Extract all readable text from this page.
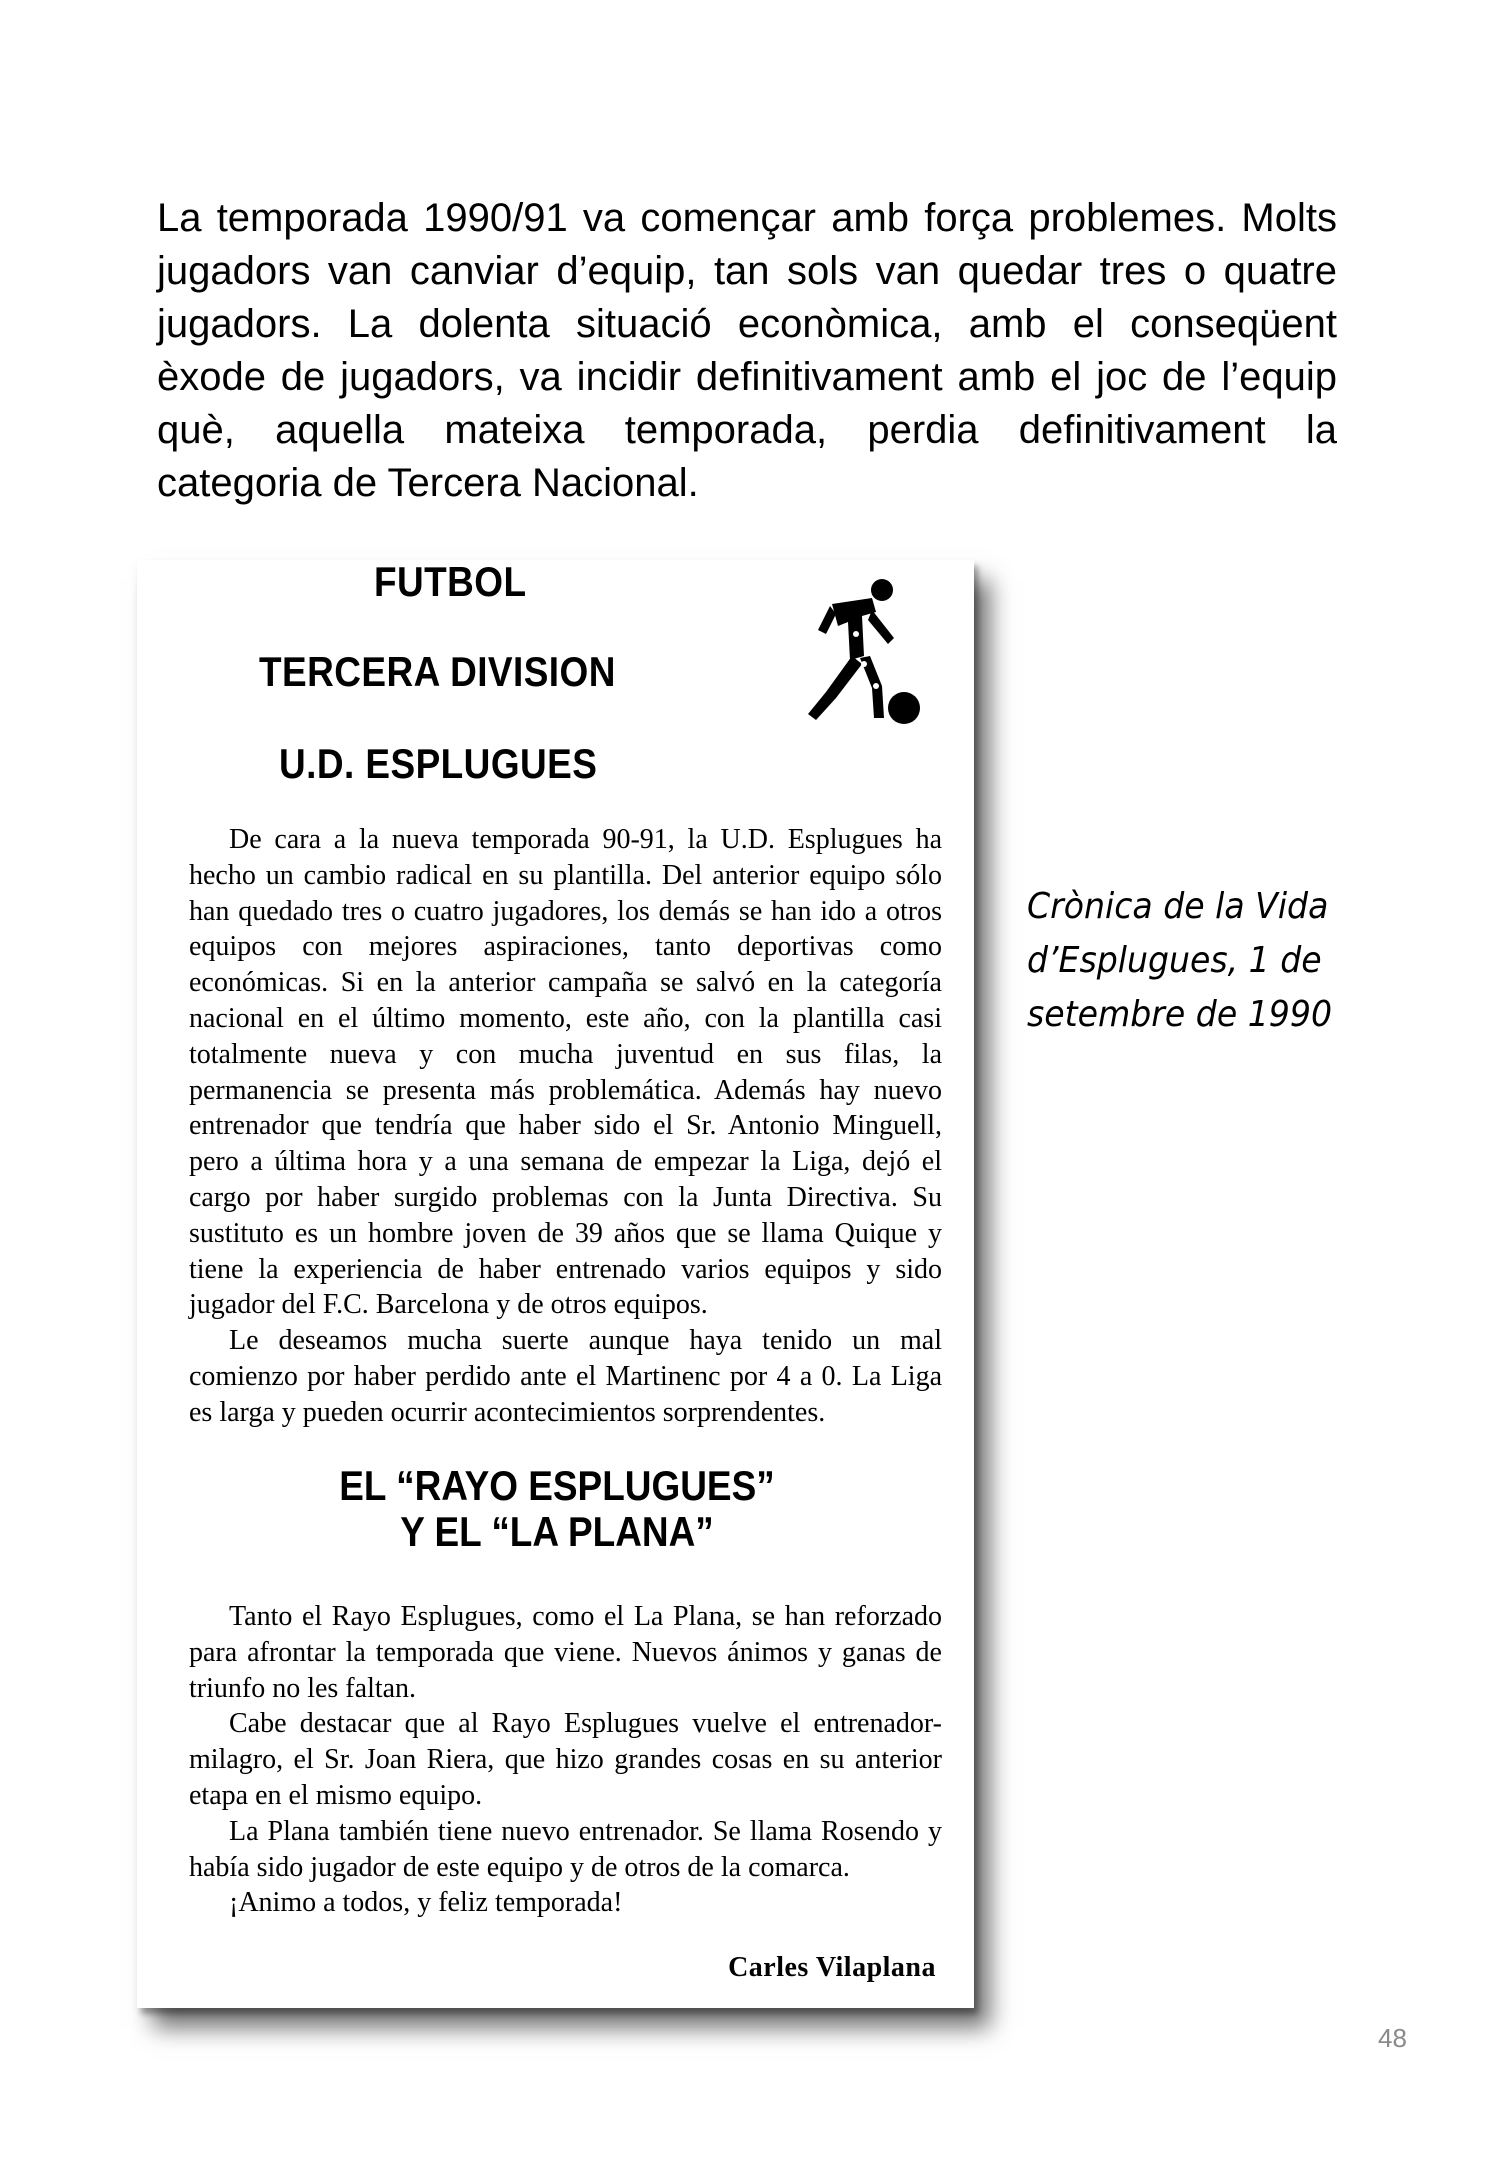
La temporada 1990/91 va començar amb força problemes. Molts jugadors van canviar d’equip, tan sols van quedar tres o quatre jugadors. La dolenta situació econòmica, amb el conseqüent èxode de jugadors, va incidir definitivament amb el joc de l’equip què, aquella mateixa temporada, perdia definitivament la categoria de Tercera Nacional.

FUTBOL
TERCERA DIVISION
U.D. ESPLUGUES

De cara a la nueva temporada 90-91, la U.D. Esplugues ha hecho un cambio radical en su plantilla. Del anterior equipo sólo han quedado tres o cuatro jugadores, los demás se han ido a otros equipos con mejores aspiraciones, tanto deportivas como económicas. Si en la anterior campaña se salvó en la categoría nacional en el último momento, este año, con la plantilla casi totalmente nueva y con mucha juventud en sus filas, la permanencia se presenta más problemática. Además hay nuevo entrenador que tendría que haber sido el Sr. Antonio Minguell, pero a última hora y a una semana de empezar la Liga, dejó el cargo por haber surgido problemas con la Junta Directiva. Su sustituto es un hombre joven de 39 años que se llama Quique y tiene la experiencia de haber entrenado varios equipos y sido jugador del F.C. Barcelona y de otros equipos.

Le deseamos mucha suerte aunque haya tenido un mal comienzo por haber perdido ante el Martinenc por 4 a 0. La Liga es larga y pueden ocurrir acontecimientos sorprendentes.

EL “RAYO ESPLUGUES”
Y EL “LA PLANA”

Tanto el Rayo Esplugues, como el La Plana, se han reforzado para afrontar la temporada que viene. Nuevos ánimos y ganas de triunfo no les faltan.

Cabe destacar que al Rayo Esplugues vuelve el entrenador-milagro, el Sr. Joan Riera, que hizo grandes cosas en su anterior etapa en el mismo equipo.

La Plana también tiene nuevo entrenador. Se llama Rosendo y había sido jugador de este equipo y de otros de la comarca.

¡Animo a todos, y feliz temporada!

Carles Vilaplana
Crònica de la Vida
d’Esplugues, 1 de
setembre de 1990
48
